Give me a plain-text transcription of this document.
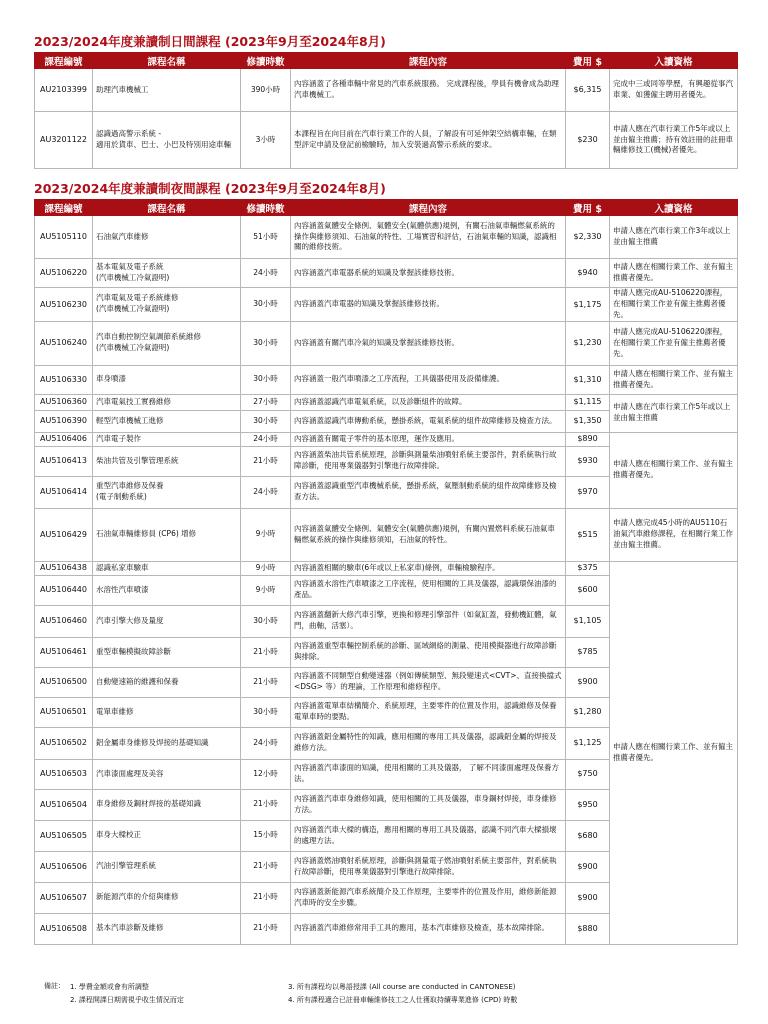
2023/2024年度兼讀制日間課程 (2023年9月至2024年8月)
課程編號	課程名稱	修讀時數	課程內容	費用 $	入讀資格
AU2103399	助理汽車機械工	390小時	內容涵蓋了各種車輛中常見的汽車系統服務。 完成課程後，學員有機會成為助理汽車機械工。	$6,315	完成中三或同等學歷，有興趣從事汽車業、如獲僱主聘用者優先。
AU3201122	認識過高警示系統 -
適用於貨車、巴士、小巴及特別用途車輛	3小時	本課程旨在向目前在汽車行業工作的人員，了解設有可延伸架空結構車輛，在類型評定申請及登記前檢驗時，加入安裝過高警示系統的要求。	$230	申請人應在汽車行業工作5年或以上並由僱主推薦；持有效註冊的註冊車輛維修技工(機械)者優先。
2023/2024年度兼讀制夜間課程 (2023年9月至2024年8月)
課程編號	課程名稱	修讀時數	課程內容	費用 $	入讀資格
AU5105110	石油氣汽車維修	51小時	內容涵蓋氣體安全條例、氣體安全(氣體供應)規例，有關石油氣車輛燃氣系統的操作與維修須知、石油氣的特性、工場實習和評估，石油氣車輛的知識，認識相關的維修技術。	$2,330	申請人應在汽車行業工作3年或以上並由僱主推薦
AU5106220	基本電氣及電子系統
(汽車機械工冷氣證明)	24小時	內容涵蓋汽車電器系統的知識及掌握該維修技術。	$940	申請人應在相關行業工作、並有僱主推薦者優先。
AU5106230	汽車電氣及電子系統維修
(汽車機械工冷氣證明)	30小時	內容涵蓋汽車電器的知識及掌握該維修技術。	$1,175	申請人應完成AU-5106220課程，在相關行業工作並有僱主推薦者優先。
AU5106240	汽車自動控制空氣調節系統維修
(汽車機械工冷氣證明)	30小時	內容涵蓋有關汽車冷氣的知識及掌握該維修技術。	$1,230	申請人應完成AU-5106220課程，在相關行業工作並有僱主推薦者優先。
AU5106330	車身噴漆	30小時	內容涵蓋一般汽車噴漆之工序流程，工具儀器使用及設備維護。	$1,310	申請人應在相關行業工作、並有僱主推薦者優先。
AU5106360	汽車電氣技工實務維修	27小時	內容涵蓋認識汽車電氣系統，以及診斷組件的故障。	$1,115	申請人應在汽車行業工作5年或以上並由僱主推薦
AU5106390	輕型汽車機械工進修	30小時	內容涵蓋認識汽車傳動系統，懸掛系統，電氣系統的組件故障維修及檢查方法。	$1,350	
AU5106406	汽車電子製作	24小時	內容涵蓋有關電子零件的基本原理，運作及應用。	$890	申請人應在相關行業工作、並有僱主推薦者優先。
AU5106413	柴油共管及引擎管理系統	21小時	內容涵蓋柴油共管系統原理，診斷與測量柴油噴射系統主要部件，對系統執行故障診斷，使用專業儀器對引擎進行故障排除。	$930	
AU5106414	重型汽車維修及保養
(電子制動系統)	24小時	內容涵蓋認識重型汽車機械系統，懸掛系統，氣壓制動系統的組件故障維修及檢查方法。	$970	
AU5106429	石油氣車輛維修員 (CP6) 增修	9小時	內容涵蓋氣體安全條例、氣體安全(氣體供應)規例，有關內置燃料系統石油氣車輛燃氣系統的操作與維修須知，石油氣的特性。	$515	申請人應完成45小時的AU5110石油氣汽車維修課程，在相關行業工作並由僱主推薦。
AU5106438	認識私家車驗車	9小時	內容涵蓋相關的驗車(6年或以上私家車)條例，車輛檢驗程序。	$375	申請人應在相關行業工作、並有僱主推薦者優先。
AU5106440	水溶性汽車噴漆	9小時	內容涵蓋水溶性汽車噴漆之工序流程，使用相關的工具及儀器，認識環保油漆的產品。	$600	
AU5106460	汽車引擎大修及量度	30小時	內容涵蓋翻新大修汽車引擎，更換和修理引擎部件（如氣缸蓋，發動機缸體，氣門，曲軸，活塞）。	$1,105	
AU5106461	重型車輛模擬故障診斷	21小時	內容涵蓋重型車輛控制系統的診斷、區域網絡的測量、使用模擬器進行故障診斷與排除。	$785	
AU5106500	自動變速箱的維護和保養	21小時	內容涵蓋不同類型自動變速器（例如傳統類型、無段變速式<CVT>、直接換擋式<DSG> 等）的理論，工作原理和維修程序。	$900	
AU5106501	電單車維修	30小時	內容涵蓋電單車結構簡介、系統原理，主要零件的位置及作用，認識維修及保養電單車時的要點。	$1,280	
AU5106502	鋁金屬車身維修及焊接的基礎知識	24小時	內容涵蓋鋁金屬特性的知識，應用相關的專用工具及儀器，認識鋁金屬的焊接及維修方法。	$1,125	
AU5106503	汽車漆面處理及美容	12小時	內容涵蓋汽車漆面的知識，使用相關的工具及儀器， 了解不同漆面處理及保養方法。	$750	
AU5106504	車身維修及鋼材焊接的基礎知識	21小時	內容涵蓋汽車車身維修知識，使用相關的工具及儀器，車身鋼材焊接，車身維修方法。	$950	
AU5106505	車身大樑校正	15小時	內容涵蓋汽車大樑的構造，應用相關的專用工具及儀器，認識不同汽車大樑損壞的處理方法。	$680	
AU5106506	汽油引擎管理系統	21小時	內容涵蓋燃油噴射系統原理，診斷與測量電子燃油噴射系統主要部件，對系統執行故障診斷，使用專業儀器對引擎進行故障排除。	$900	
AU5106507	新能源汽車的介紹與維修	21小時	內容涵蓋新能源汽車系統簡介及工作原理，主要零件的位置及作用，維修新能源汽車時的安全步驟。	$900	
AU5106508	基本汽車診斷及維修	21小時	內容涵蓋汽車維修常用手工具的應用，基本汽車維修及檢查，基本故障排除。	$880	
備註： 1. 學費金額或會有所調整
2. 課程開課日期需視乎收生情況而定
3. 所有課程均以粵語授課 (All course are conducted in CANTONESE)
4. 所有課程適合已註冊車輛維修技工之人仕獲取持續專業進修 (CPD) 時數
